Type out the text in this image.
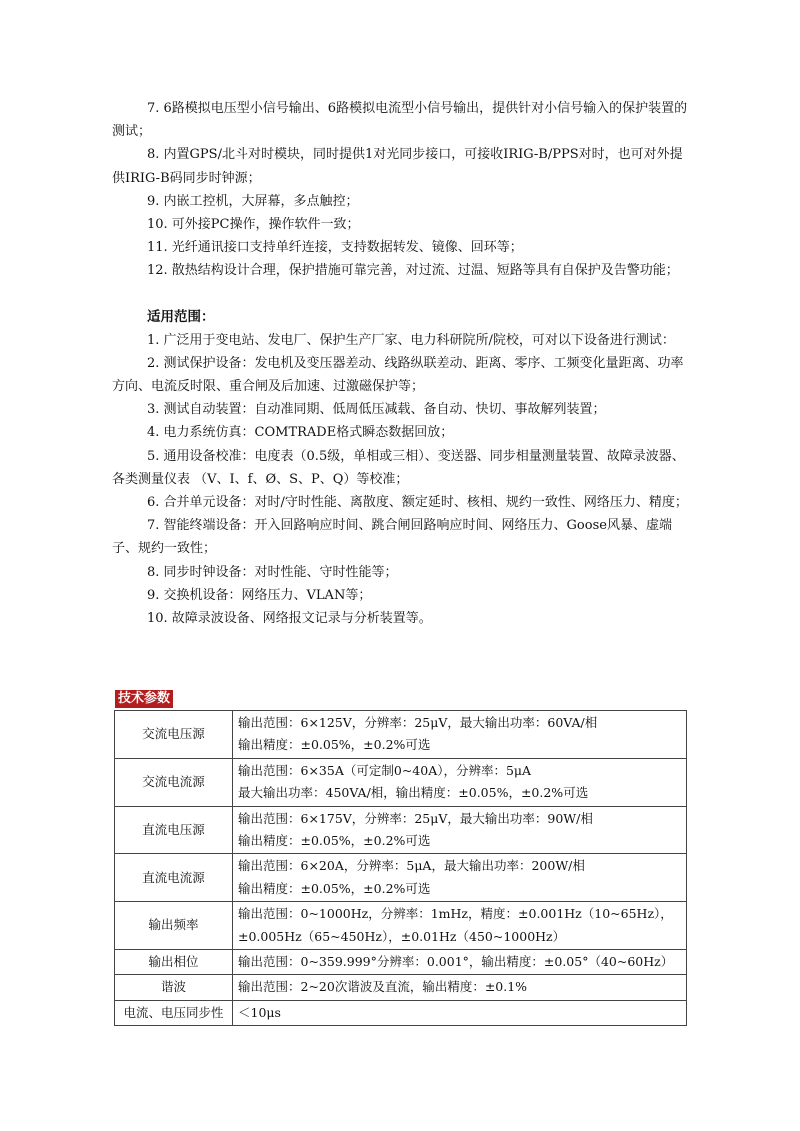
7. 6路模拟电压型小信号输出、6路模拟电流型小信号输出，提供针对小信号输入的保护装置的测试；

8. 内置GPS/北斗对时模块，同时提供1对光同步接口，可接收IRIG-B/PPS对时，也可对外提供IRIG-B码同步时钟源；

9. 内嵌工控机，大屏幕，多点触控；

10. 可外接PC操作，操作软件一致；

11. 光纤通讯接口支持单纤连接，支持数据转发、镜像、回环等；

12. 散热结构设计合理，保护措施可靠完善，对过流、过温、短路等具有自保护及告警功能；

适用范围：

1. 广泛用于变电站、发电厂、保护生产厂家、电力科研院所/院校，可对以下设备进行测试：

2. 测试保护设备：发电机及变压器差动、线路纵联差动、距离、零序、工频变化量距离、功率方向、电流反时限、重合闸及后加速、过激磁保护等；

3. 测试自动装置：自动准同期、低周低压减载、备自动、快切、事故解列装置；

4. 电力系统仿真：COMTRADE格式瞬态数据回放；

5. 通用设备校准：电度表（0.5级，单相或三相）、变送器、同步相量测量装置、故障录波器、各类测量仪表 （V、I、f、Ø、S、P、Q）等校准；

6. 合并单元设备：对时/守时性能、离散度、额定延时、核相、规约一致性、网络压力、精度；

7. 智能终端设备：开入回路响应时间、跳合闸回路响应时间、网络压力、Goose风暴、虚端子、规约一致性；

8. 同步时钟设备：对时性能、守时性能等；

9. 交换机设备：网络压力、VLAN等；

10. 故障录波设备、网络报文记录与分析装置等。

技术参数
交流电压源	输出范围：6×125V，分辨率：25μV，最大输出功率：60VA/相
输出精度：±0.05%，±0.2%可选

交流电流源	输出范围：6×35A（可定制0~40A），分辨率：5μA
最大输出功率：450VA/相，输出精度：±0.05%，±0.2%可选

直流电压源	输出范围：6×175V，分辨率：25μV，最大输出功率：90W/相
输出精度：±0.05%，±0.2%可选

直流电流源	输出范围：6×20A，分辨率：5μA，最大输出功率：200W/相
输出精度：±0.05%，±0.2%可选

输出频率	输出范围：0~1000Hz，分辨率：1mHz，精度：±0.001Hz（10~65Hz），
±0.005Hz（65~450Hz），±0.01Hz（450~1000Hz）

输出相位	输出范围：0~359.999°分辨率：0.001°，输出精度：±0.05°（40~60Hz）

谐波	输出范围：2~20次谐波及直流，输出精度：±0.1%

电流、电压同步性	＜10μs
